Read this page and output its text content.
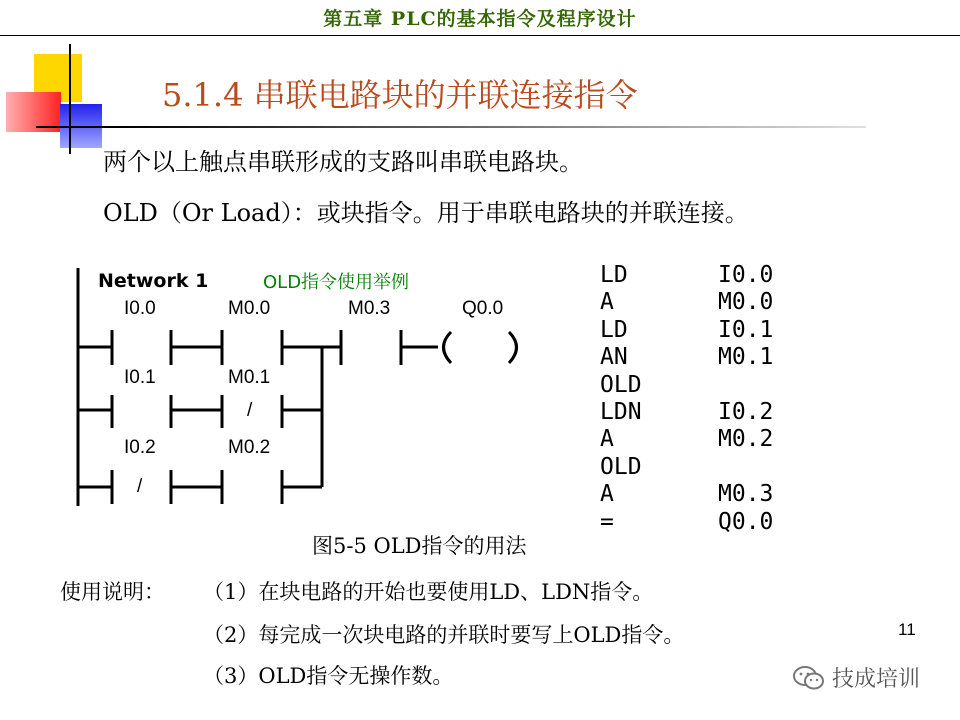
第五章 PLC的基本指令及程序设计
5.1.4 串联电路块的并联连接指令
两个以上触点串联形成的支路叫串联电路块。
OLD（Or Load）：或块指令。用于串联电路块的并联连接。
Network 1	OLD指令使用举例
I0.0	M0.0	M0.3	Q0.0
I0.1	M0.1
I0.2	M0.2
/
/
LD	I0.0
A	M0.0
LD	I0.1
AN	M0.1
OLD
LDN	I0.2
A	M0.2
OLD
A	M0.3
=	Q0.0
图5-5 OLD指令的用法
使用说明： （1）在块电路的开始也要使用LD、LDN指令。
（2）每完成一次块电路的并联时要写上OLD指令。
（3）OLD指令无操作数。
11
技成培训
